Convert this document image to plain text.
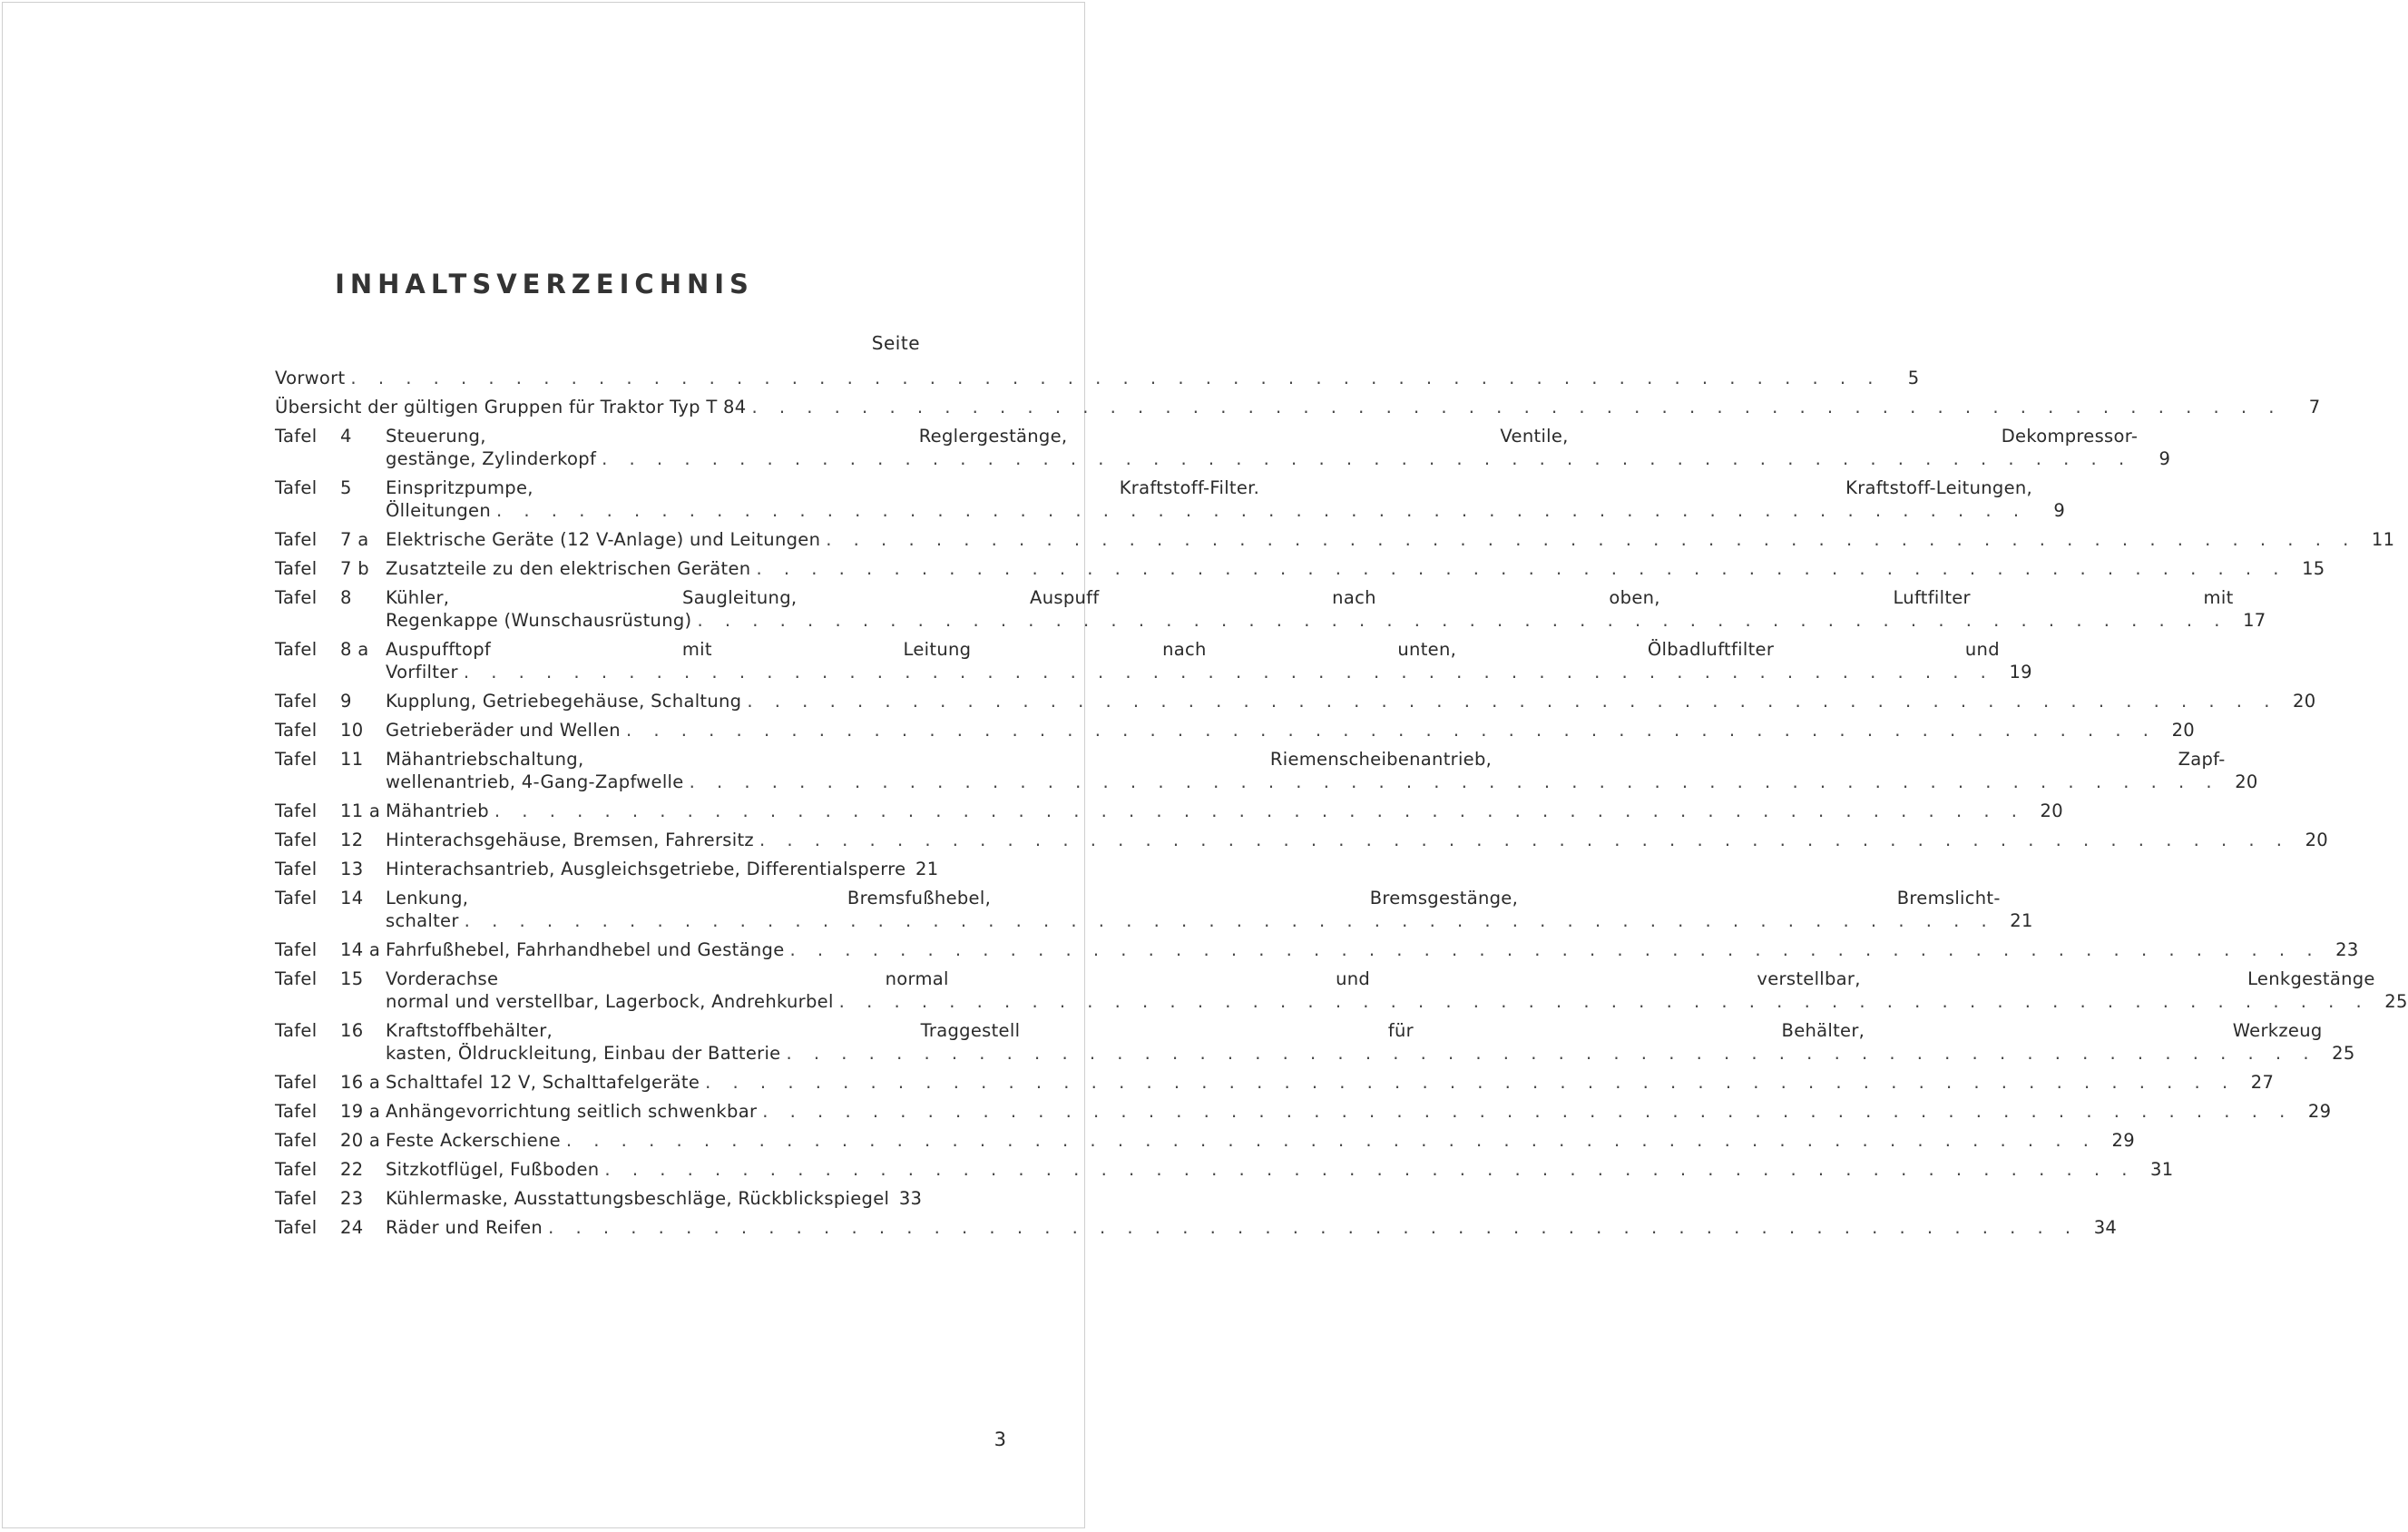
INHALTSVERZEICHNIS
Seite
Vorwort . . .	5
Übersicht der gültigen Gruppen für Traktor Typ T 84 . . .	7
Tafel	4	Steuerung, Reglergestänge, Ventile, Dekompressor-
gestänge, Zylinderkopf . . .	9
Tafel	5	Einspritzpumpe, Kraftstoff-Filter. Kraftstoff-Leitungen,
Ölleitungen . . .	9
Tafel	7 a Elektrische Geräte (12 V-Anlage) und Leitungen . . .	11
Tafel	7 b Zusatzteile zu den elektrischen Geräten . . .	15
Tafel	8	Kühler, Saugleitung, Auspuff nach oben, Luftfilter mit
Regenkappe (Wunschausrüstung) . . .	17
Tafel	8 a Auspufftopf mit Leitung nach unten, Ölbadluftfilter und
Vorfilter . . .	19
Tafel	9	Kupplung, Getriebegehäuse, Schaltung . . .	20
Tafel	10	Getrieberäder und Wellen . . .	20
Tafel	11	Mähantriebschaltung, Riemenscheibenantrieb, Zapf-
wellenantrieb, 4-Gang-Zapfwelle . . .	20
Tafel	11 a Mähantrieb . . .	20
Tafel	12	Hinterachsgehäuse, Bremsen, Fahrersitz . . .	20
Tafel	13	Hinterachsantrieb, Ausgleichsgetriebe, Differentialsperre 21
Tafel	14	Lenkung, Bremsfußhebel, Bremsgestänge, Bremslicht-
schalter . . .	21
Tafel	14 a Fahrfußhebel, Fahrhandhebel und Gestänge . . .	23
Tafel	15	Vorderachse normal und verstellbar, Lenkgestänge
normal und verstellbar, Lagerbock, Andrehkurbel . . .	25
Tafel	16	Kraftstoffbehälter, Traggestell für Behälter, Werkzeug
kasten, Öldruckleitung, Einbau der Batterie . . .	25
Tafel	16 a Schalttafel 12 V, Schalttafelgeräte . . .	27
Tafel	19 a Anhängevorrichtung seitlich schwenkbar . . .	29
Tafel	20 a Feste Ackerschiene . . .	29
Tafel	22	Sitzkotflügel, Fußboden . . .	31
Tafel	23	Kühlermaske, Ausstattungsbeschläge, Rückblickspiegel 33
Tafel	24	Räder und Reifen . . .	34
3
